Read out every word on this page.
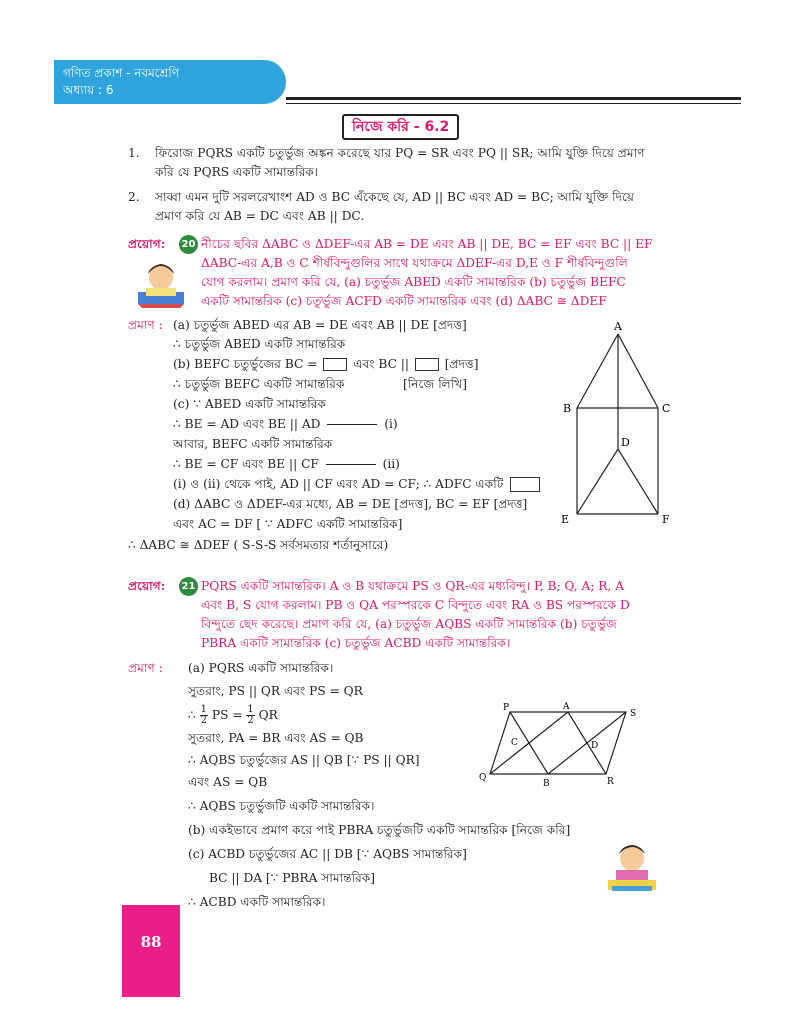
গণিত প্রকাশ - নবমশ্রেণি
অধ্যায় : 6
নিজে করি - 6.2
1. ফিরোজ PQRS একটি চতুর্ভুজ অঙ্কন করেছে যার PQ = SR এবং PQ || SR; আমি যুক্তি দিয়ে প্রমাণ
করি যে PQRS একটি সামান্তরিক।
2. সাব্বা এমন দুটি সরলরেখাংশ AD ও BC এঁকেছে যে, AD || BC এবং AD = BC; আমি যুক্তি দিয়ে
প্রমাণ করি যে AB = DC এবং AB || DC.
প্রয়োগ: 20 নীচের ছবির ΔABC ও ΔDEF-এর AB = DE এবং AB || DE, BC = EF এবং BC || EF
ΔABC-এর A,B ও C শীর্ষবিন্দুগুলির সাথে যথাক্রমে ΔDEF-এর D,E ও F শীর্ষবিন্দুগুলি
যোগ করলাম। প্রমাণ করি যে, (a) চতুর্ভুজ ABED একটি সামান্তরিক (b) চতুর্ভুজ BEFC
একটি সামান্তরিক (c) চতুর্ভুজ ACFD একটি সামান্তরিক এবং (d) ΔABC ≅ ΔDEF
প্রমাণ : (a) চতুর্ভুজ ABED এর AB = DE এবং AB || DE [প্রদত্ত]
∴ চতুর্ভুজ ABED একটি সামান্তরিক
(b) BEFC চতুর্ভুজের BC =	এবং BC ||	[প্রদত্ত]
∴ চতুর্ভুজ BEFC একটি সামান্তরিক	[নিজে লিখি]
(c) ∵ ABED একটি সামান্তরিক
∴ BE = AD এবং BE || AD	(i)
আবার, BEFC একটি সামান্তরিক
∴ BE = CF এবং BE || CF	(ii)
(i) ও (ii) থেকে পাই, AD || CF এবং AD = CF; ∴ ADFC একটি
(d) ΔABC ও ΔDEF-এর মধ্যে, AB = DE [প্রদত্ত], BC = EF [প্রদত্ত]
এবং AC = DF [ ∵ ADFC একটি সামান্তরিক]
∴ ΔABC ≅ ΔDEF ( S-S-S সর্বসমতার শর্তানুসারে)
A
B	C
D
E	F
প্রয়োগ: 21 PQRS একটি সামান্তরিক। A ও B যথাক্রমে PS ও QR-এর মধ্যবিন্দু। P, B; Q, A; R, A
এবং B, S যোগ করলাম। PB ও QA পরস্পরকে C বিন্দুতে এবং RA ও BS পরস্পরকে D
বিন্দুতে ছেদ করেছে। প্রমাণ করি যে, (a) চতুর্ভুজ AQBS একটি সামান্তরিক (b) চতুর্ভুজ
PBRA একটি সামান্তরিক (c) চতুর্ভুজ ACBD একটি সামান্তরিক।
প্রমাণ : (a) PQRS একটি সামান্তরিক।
সুতরাং, PS || QR এবং PS = QR
∴ $\frac{1}{2}$ PS = $\frac{1}{2}$ QR
সুতরাং, PA = BR এবং AS = QB
∴ AQBS চতুর্ভুজের AS || QB [∵ PS || QR]
এবং AS = QB
∴ AQBS চতুর্ভুজটি একটি সামান্তরিক।
(b) একইভাবে প্রমাণ করে পাই PBRA চতুর্ভুজটি একটি সামান্তরিক [নিজে করি]
(c) ACBD চতুর্ভুজের AC || DB [∵ AQBS সামান্তরিক]
BC || DA [∵ PBRA সামান্তরিক]
∴ ACBD একটি সামান্তরিক।
P	A
S
C	D
Q
B	R
88
